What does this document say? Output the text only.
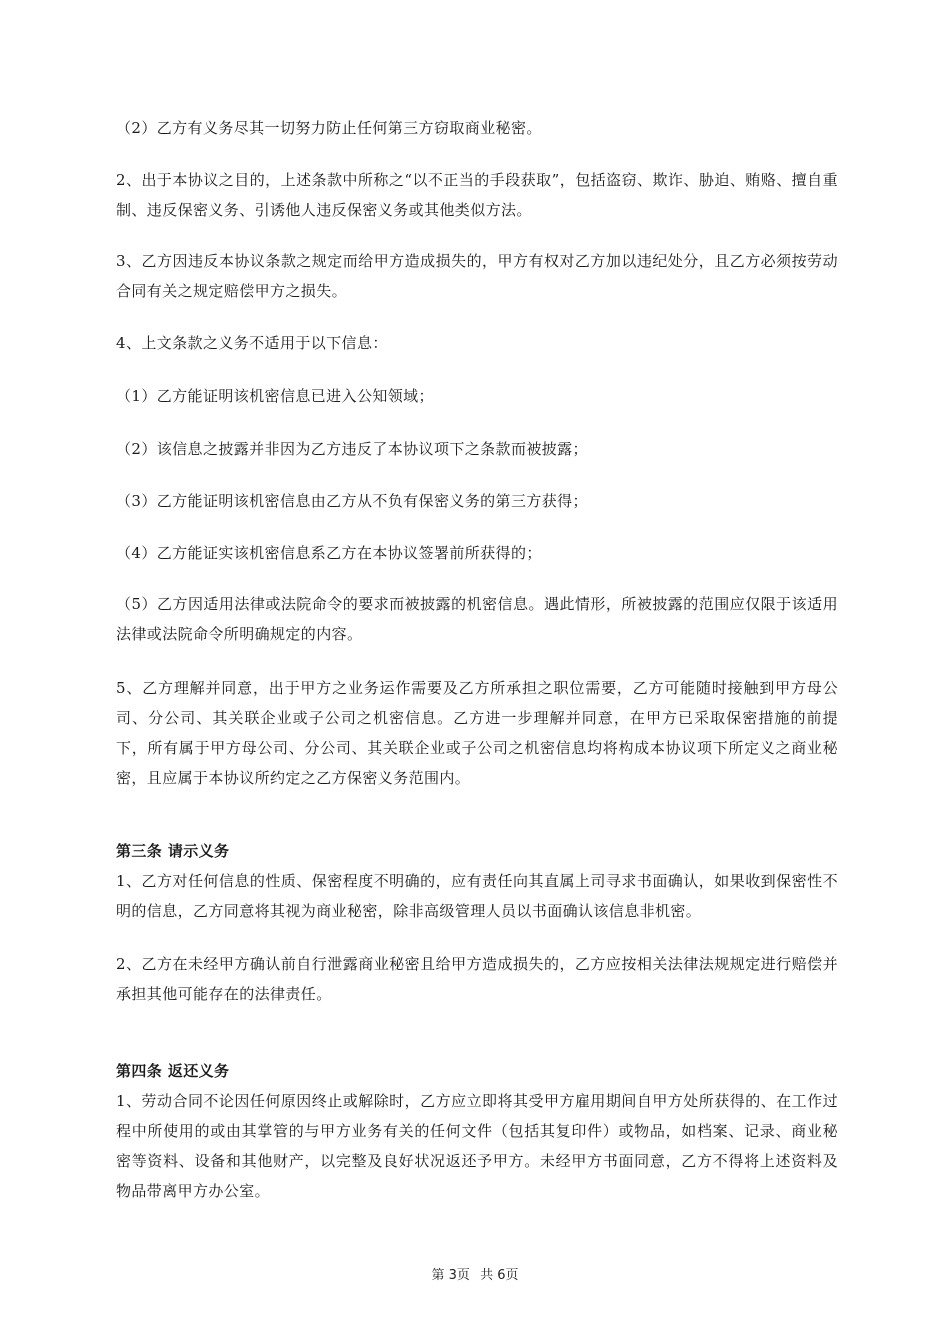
（2）乙方有义务尽其一切努力防止任何第三方窃取商业秘密。

2、出于本协议之目的，上述条款中所称之“以不正当的手段获取”，包括盗窃、欺诈、胁迫、贿赂、擅自重制、违反保密义务、引诱他人违反保密义务或其他类似方法。

3、乙方因违反本协议条款之规定而给甲方造成损失的，甲方有权对乙方加以违纪处分，且乙方必须按劳动合同有关之规定赔偿甲方之损失。

4、上文条款之义务不适用于以下信息：

（1）乙方能证明该机密信息已进入公知领域；

（2）该信息之披露并非因为乙方违反了本协议项下之条款而被披露；

（3）乙方能证明该机密信息由乙方从不负有保密义务的第三方获得；

（4）乙方能证实该机密信息系乙方在本协议签署前所获得的；

（5）乙方因适用法律或法院命令的要求而被披露的机密信息。遇此情形，所被披露的范围应仅限于该适用法律或法院命令所明确规定的内容。

5、乙方理解并同意，出于甲方之业务运作需要及乙方所承担之职位需要，乙方可能随时接触到甲方母公司、分公司、其关联企业或子公司之机密信息。乙方进一步理解并同意，在甲方已采取保密措施的前提下，所有属于甲方母公司、分公司、其关联企业或子公司之机密信息均将构成本协议项下所定义之商业秘密，且应属于本协议所约定之乙方保密义务范围内。

第三条 请示义务

1、乙方对任何信息的性质、保密程度不明确的，应有责任向其直属上司寻求书面确认，如果收到保密性不明的信息，乙方同意将其视为商业秘密，除非高级管理人员以书面确认该信息非机密。

2、乙方在未经甲方确认前自行泄露商业秘密且给甲方造成损失的，乙方应按相关法律法规规定进行赔偿并承担其他可能存在的法律责任。

第四条 返还义务

1、劳动合同不论因任何原因终止或解除时，乙方应立即将其受甲方雇用期间自甲方处所获得的、在工作过程中所使用的或由其掌管的与甲方业务有关的任何文件（包括其复印件）或物品，如档案、记录、商业秘密等资料、设备和其他财产，以完整及良好状况返还予甲方。未经甲方书面同意，乙方不得将上述资料及物品带离甲方办公室。

第 3页 共 6页
